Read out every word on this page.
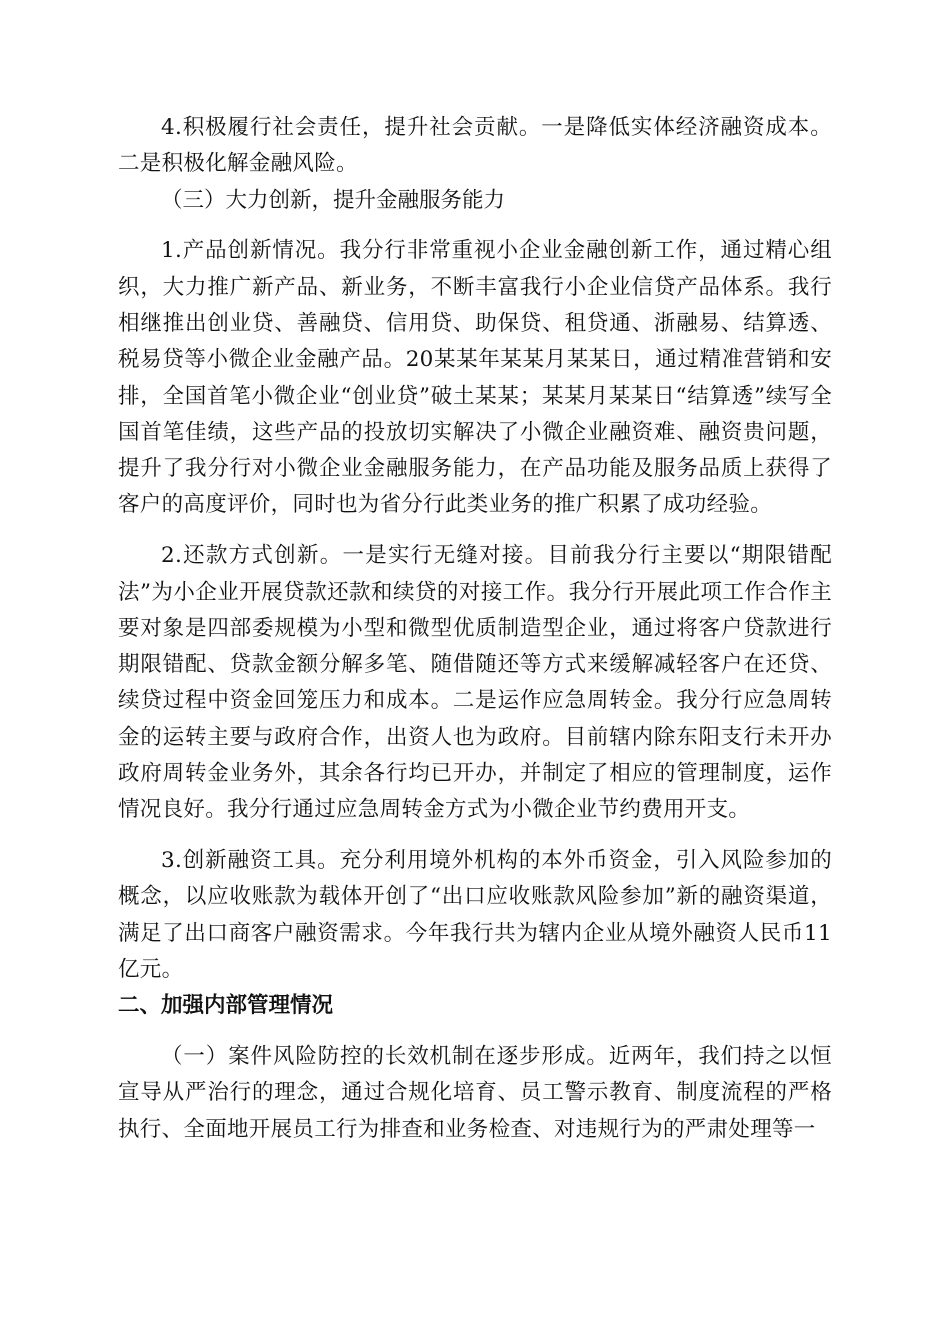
4.积极履行社会责任，提升社会贡献。一是降低实体经济融资成本。二是积极化解金融风险。

（三）大力创新，提升金融服务能力

1.产品创新情况。我分行非常重视小企业金融创新工作，通过精心组织，大力推广新产品、新业务，不断丰富我行小企业信贷产品体系。我行相继推出创业贷、善融贷、信用贷、助保贷、租贷通、浙融易、结算透、税易贷等小微企业金融产品。20某某年某某月某某日，通过精准营销和安排，全国首笔小微企业“创业贷”破土某某；某某月某某日“结算透”续写全国首笔佳绩，这些产品的投放切实解决了小微企业融资难、融资贵问题，提升了我分行对小微企业金融服务能力，在产品功能及服务品质上获得了客户的高度评价，同时也为省分行此类业务的推广积累了成功经验。

2.还款方式创新。一是实行无缝对接。目前我分行主要以“期限错配法”为小企业开展贷款还款和续贷的对接工作。我分行开展此项工作合作主要对象是四部委规模为小型和微型优质制造型企业，通过将客户贷款进行期限错配、贷款金额分解多笔、随借随还等方式来缓解减轻客户在还贷、续贷过程中资金回笼压力和成本。二是运作应急周转金。我分行应急周转金的运转主要与政府合作，出资人也为政府。目前辖内除东阳支行未开办政府周转金业务外，其余各行均已开办，并制定了相应的管理制度，运作情况良好。我分行通过应急周转金方式为小微企业节约费用开支。

3.创新融资工具。充分利用境外机构的本外币资金，引入风险参加的概念，以应收账款为载体开创了“出口应收账款风险参加”新的融资渠道，满足了出口商客户融资需求。今年我行共为辖内企业从境外融资人民币11亿元。

二、加强内部管理情况

（一）案件风险防控的长效机制在逐步形成。近两年，我们持之以恒宣导从严治行的理念，通过合规化培育、员工警示教育、制度流程的严格执行、全面地开展员工行为排查和业务检查、对违规行为的严肃处理等一
